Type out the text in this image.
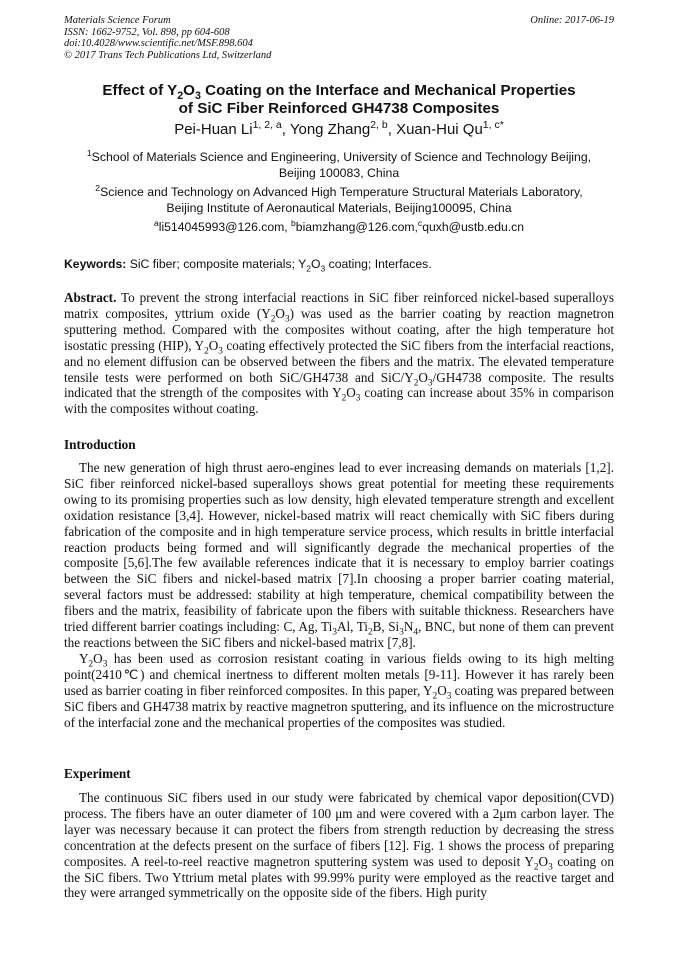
Materials Science Forum
ISSN: 1662-9752, Vol. 898, pp 604-608
doi:10.4028/www.scientific.net/MSF.898.604
© 2017 Trans Tech Publications Ltd, Switzerland
Online: 2017-06-19
Effect of $Y_2O_3$ Coating on the Interface and Mechanical Properties
of SiC Fiber Reinforced GH4738 Composites
Pei-Huan Li$^{1, 2, a}$, Yong Zhang$^{2, b}$, Xuan-Hui $Qu^{1, c*}$
$^1$School of Materials Science and Engineering, University of Science and Technology Beijing,
Beijing 100083, China
$^2$Science and Technology on Advanced High Temperature Structural Materials Laboratory,
Beijing Institute of Aeronautical Materials, Beijing100095, China
$^a$li514045993@126.com, $^b$biamzhang@126.com,$^c$quxh@ustb.edu.cn
Keywords: SiC fiber; composite materials; $Y_2O_3$ coating; Interfaces.

Abstract. To prevent the strong interfacial reactions in SiC fiber reinforced nickel-based superalloys matrix composites, yttrium oxide $(Y_2O_3)$ was used as the barrier coating by reaction magnetron sputtering method. Compared with the composites without coating, after the high temperature hot isostatic pressing (HIP), $Y_2O_3$ coating effectively protected the SiC fibers from the interfacial reactions, and no element diffusion can be observed between the fibers and the matrix. The elevated temperature tensile tests were performed on both SiC/GH4738 and SiC/$Y_2O_3/GH4738$ composite. The results indicated that the strength of the composites with $Y_2O_3$ coating can increase about 35% in comparison with the composites without coating.

Introduction

The new generation of high thrust aero-engines lead to ever increasing demands on materials [1,2]. SiC fiber reinforced nickel-based superalloys shows great potential for meeting these requirements owing to its promising properties such as low density, high elevated temperature strength and excellent oxidation resistance [3,4]. However, nickel-based matrix will react chemically with SiC fibers during fabrication of the composite and in high temperature service process, which results in brittle interfacial reaction products being formed and will significantly degrade the mechanical properties of the composite [5,6].The few available references indicate that it is necessary to employ barrier coatings between the SiC fibers and nickel-based matrix [7].In choosing a proper barrier coating material, several factors must be addressed: stability at high temperature, chemical compatibility between the fibers and the matrix, feasibility of fabricate upon the fibers with suitable thickness. Researchers have tried different barrier coatings including: C, Ag, $Ti_3Al$, $Ti_2B$, $Si_3N_4$, BNC, but none of them can prevent the reactions between the SiC fibers and nickel-based matrix [7,8].

$Y_2O_3$ has been used as corrosion resistant coating in various fields owing to its high melting point(2410℃) and chemical inertness to different molten metals [9-11]. However it has rarely been used as barrier coating in fiber reinforced composites. In this paper, $Y_2O_3$ coating was prepared between SiC fibers and GH4738 matrix by reactive magnetron sputtering, and its influence on the microstructure of the interfacial zone and the mechanical properties of the composites was studied.

Experiment

The continuous SiC fibers used in our study were fabricated by chemical vapor deposition(CVD) process. The fibers have an outer diameter of 100 μm and were covered with a 2μm carbon layer. The layer was necessary because it can protect the fibers from strength reduction by decreasing the stress concentration at the defects present on the surface of fibers [12]. Fig. 1 shows the process of preparing composites. A reel-to-reel reactive magnetron sputtering system was used to deposit $Y_2O_3$ coating on the SiC fibers. Two Yttrium metal plates with 99.99% purity were employed as the reactive target and they were arranged symmetrically on the opposite side of the fibers. High purity
